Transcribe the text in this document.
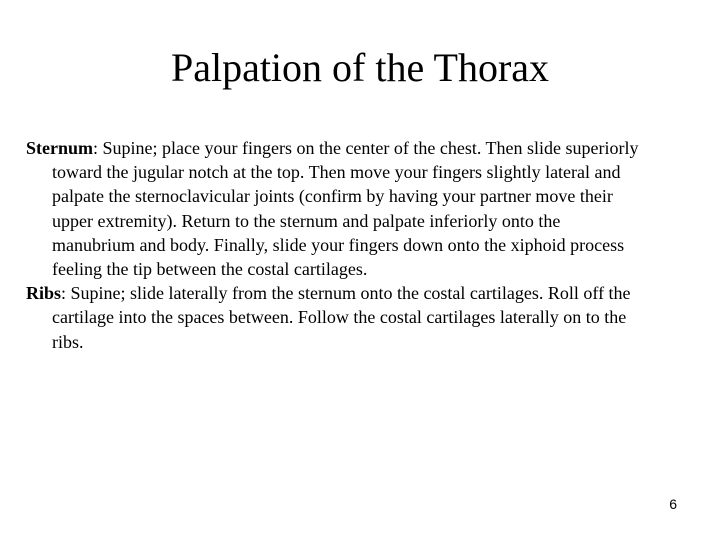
Palpation of the Thorax

Sternum: Supine; place your fingers on the center of the chest. Then slide superiorly toward the jugular notch at the top. Then move your fingers slightly lateral and palpate the sternoclavicular joints (confirm by having your partner move their upper extremity). Return to the sternum and palpate inferiorly onto the manubrium and body. Finally, slide your fingers down onto the xiphoid process feeling the tip between the costal cartilages.

Ribs: Supine; slide laterally from the sternum onto the costal cartilages. Roll off the cartilage into the spaces between. Follow the costal cartilages laterally on to the ribs.

6
